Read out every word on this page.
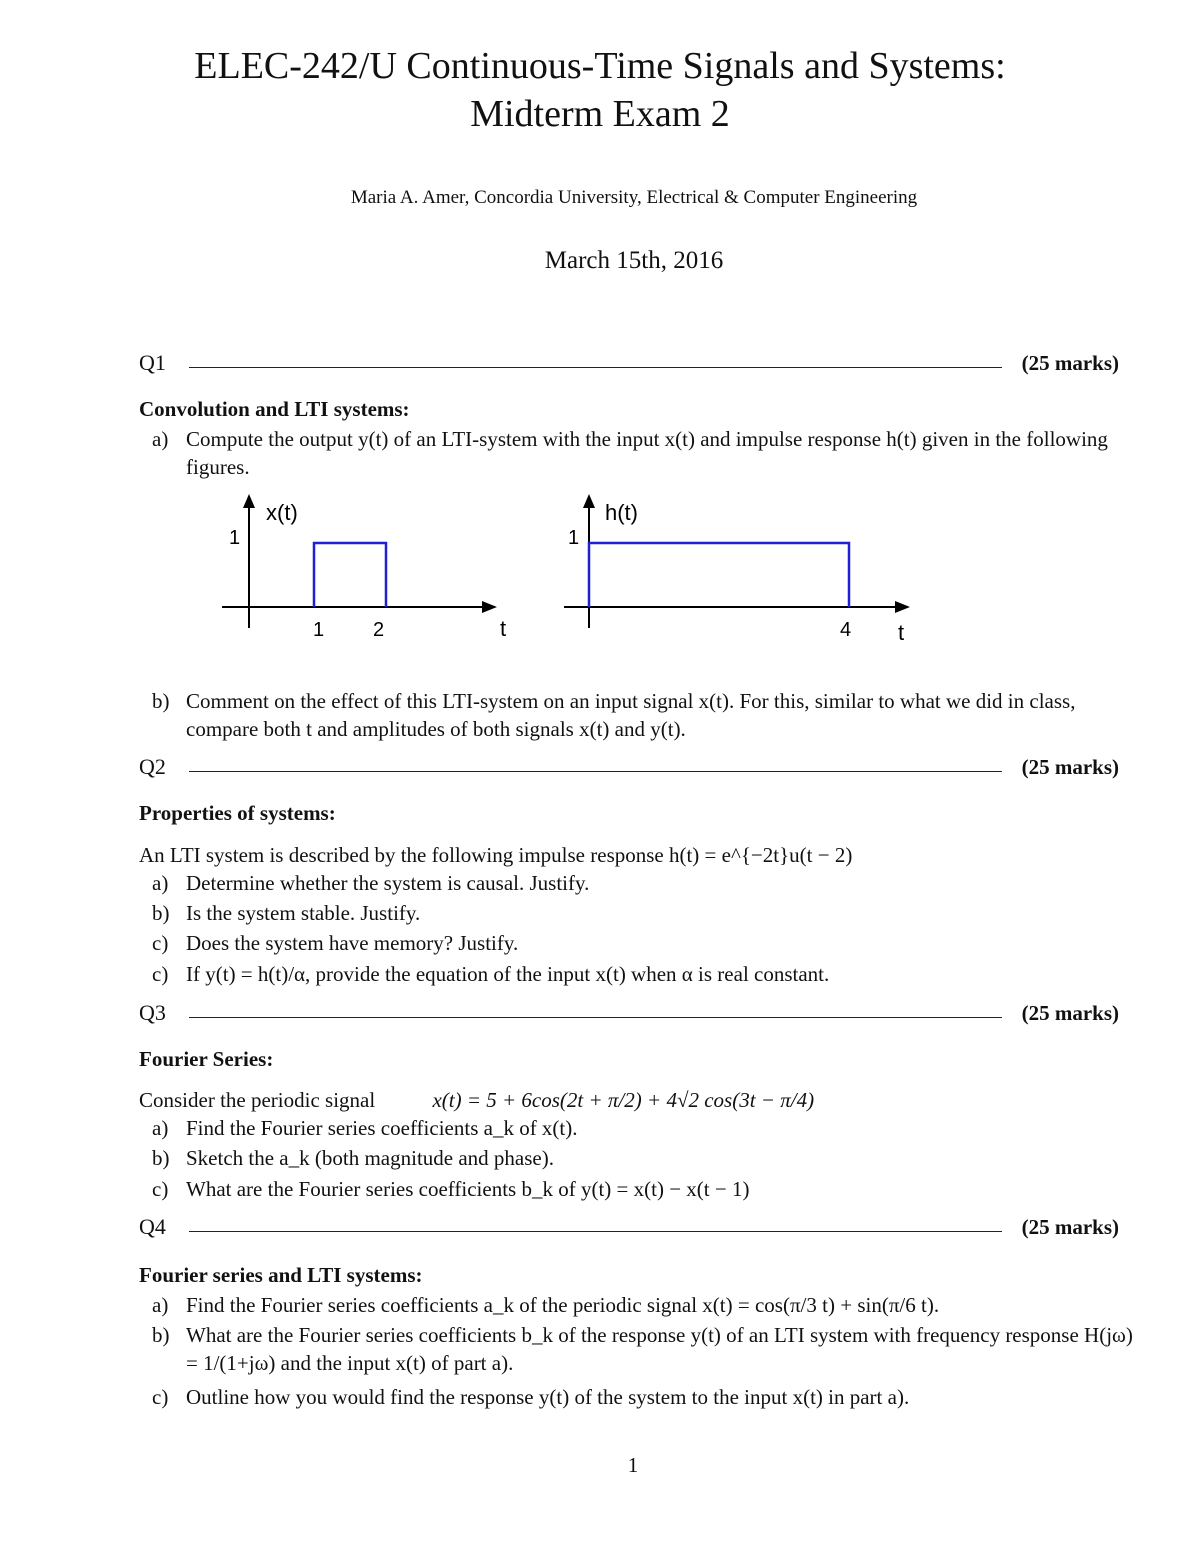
ELEC-242/U Continuous-Time Signals and Systems:
Midterm Exam 2
Maria A. Amer, Concordia University, Electrical & Computer Engineering
March 15th, 2016
Q1	(25 marks)
Convolution and LTI systems:
a) Compute the output y(t) of an LTI-system with the input x(t) and impulse response h(t) given in the following figures.
x(t)
1
1 2	t
h(t)
1
4 t
b) Comment on the effect of this LTI-system on an input signal x(t). For this, similar to what we did in class, compare both t and amplitudes of both signals x(t) and y(t).
Q2	(25 marks)
Properties of systems:
An LTI system is described by the following impulse response h(t) = e^{−2t}u(t − 2)
a) Determine whether the system is causal. Justify.
b) Is the system stable. Justify.
c) Does the system have memory? Justify.
c) If y(t) = h(t)/α, provide the equation of the input x(t) when α is real constant.
Q3	(25 marks)
Fourier Series:
Consider the periodic signal	x(t) = 5 + 6cos(2t + π/2) + 4√2 cos(3t − π/4)
a) Find the Fourier series coefficients a_k of x(t).
b) Sketch the a_k (both magnitude and phase).
c) What are the Fourier series coefficients b_k of y(t) = x(t) − x(t − 1)
Q4	(25 marks)
Fourier series and LTI systems:
a) Find the Fourier series coefficients a_k of the periodic signal x(t) = cos(π/3 t) + sin(π/6 t).
b) What are the Fourier series coefficients b_k of the response y(t) of an LTI system with frequency response H(jω) = 1/(1+jω) and the input x(t) of part a).
c) Outline how you would find the response y(t) of the system to the input x(t) in part a).
1
